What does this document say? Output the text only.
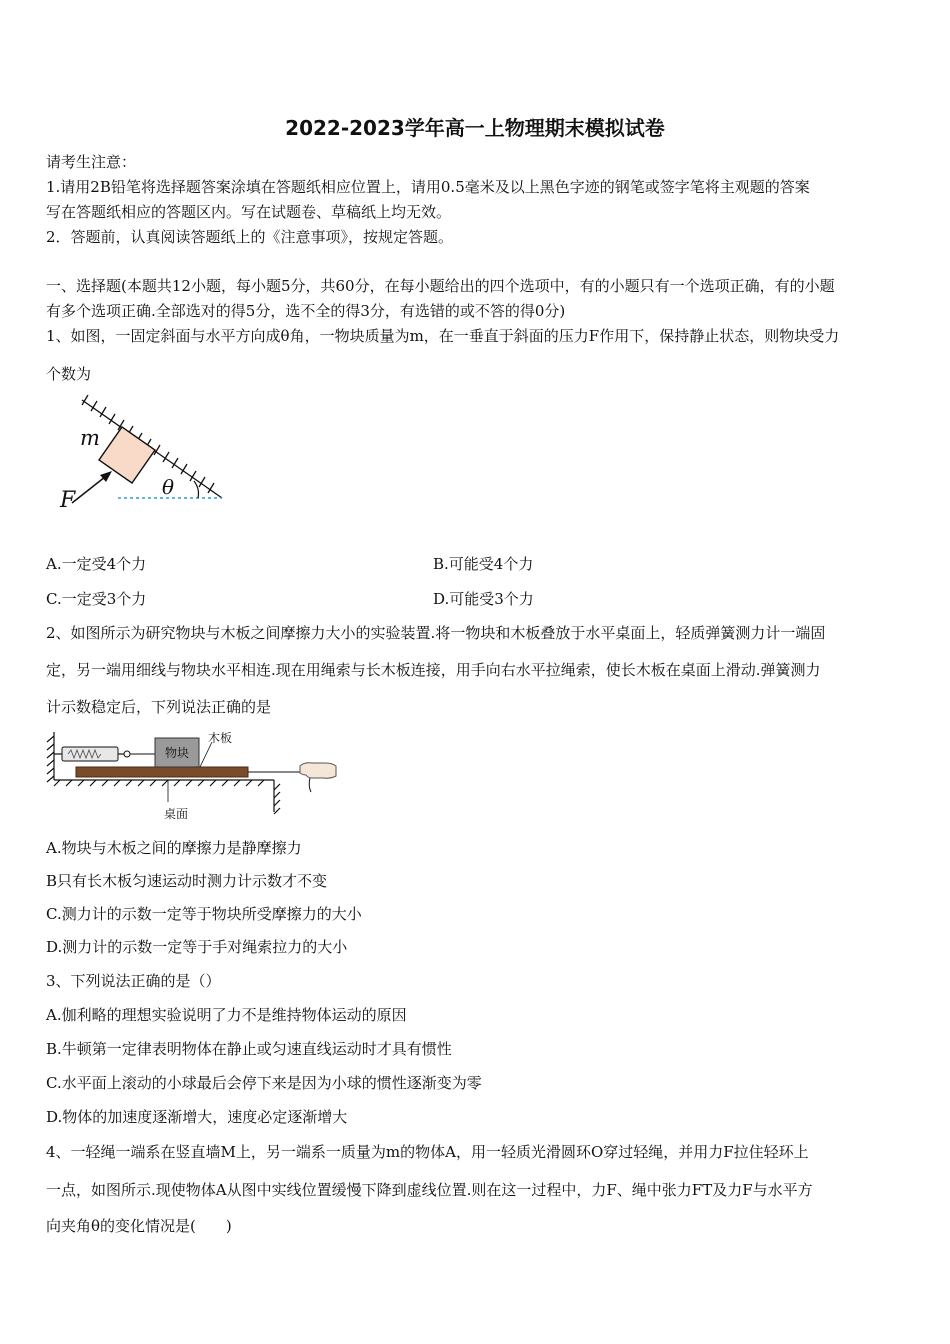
2022-2023学年高一上物理期末模拟试卷
请考生注意：
1.请用2B铅笔将选择题答案涂填在答题纸相应位置上，请用0.5毫米及以上黑色字迹的钢笔或签字笔将主观题的答案
写在答题纸相应的答题区内。写在试题卷、草稿纸上均无效。
2．答题前，认真阅读答题纸上的《注意事项》，按规定答题。
一、选择题(本题共12小题，每小题5分，共60分，在每小题给出的四个选项中，有的小题只有一个选项正确，有的小题
有多个选项正确.全部选对的得5分，选不全的得3分，有选错的或不答的得0分)
1、如图，一固定斜面与水平方向成θ角，一物块质量为m，在一垂直于斜面的压力F作用下，保持静止状态，则物块受力
个数为
m
θ
F
A.一定受4个力	B.可能受4个力
C.一定受3个力	D.可能受3个力
2、如图所示为研究物块与木板之间摩擦力大小的实验装置.将一物块和木板叠放于水平桌面上，轻质弹簧测力计一端固
定，另一端用细线与物块水平相连.现在用绳索与长木板连接，用手向右水平拉绳索，使长木板在桌面上滑动.弹簧测力
计示数稳定后，下列说法正确的是
物块
木板
桌面
A.物块与木板之间的摩擦力是静摩擦力
B只有长木板匀速运动时测力计示数才不变
C.测力计的示数一定等于物块所受摩擦力的大小
D.测力计的示数一定等于手对绳索拉力的大小
3、下列说法正确的是（）
A.伽利略的理想实验说明了力不是维持物体运动的原因
B.牛顿第一定律表明物体在静止或匀速直线运动时才具有惯性
C.水平面上滚动的小球最后会停下来是因为小球的惯性逐渐变为零
D.物体的加速度逐渐增大，速度必定逐渐增大
4、一轻绳一端系在竖直墙M上，另一端系一质量为m的物体A，用一轻质光滑圆环O穿过轻绳，并用力F拉住轻环上
一点，如图所示.现使物体A从图中实线位置缓慢下降到虚线位置.则在这一过程中，力F、绳中张力FT及力F与水平方
向夹角θ的变化情况是(　　)
